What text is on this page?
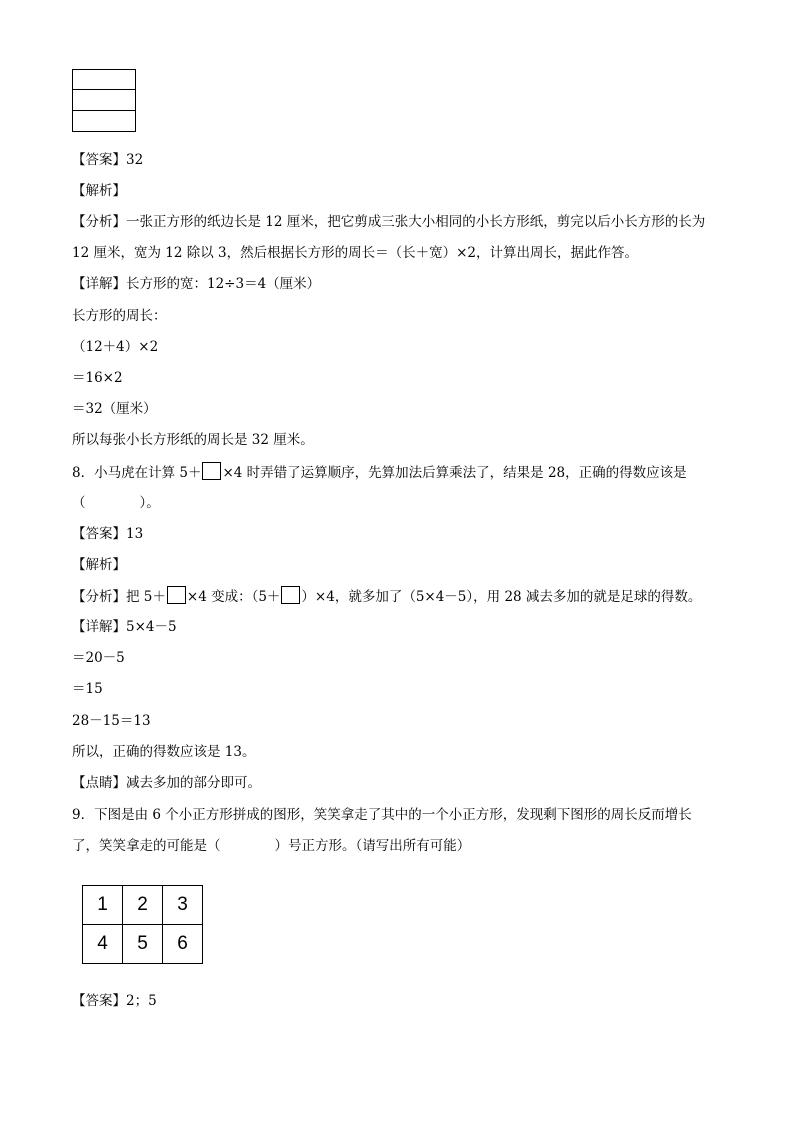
【答案】32
【解析】
【分析】一张正方形的纸边长是 12 厘米，把它剪成三张大小相同的小长方形纸，剪完以后小长方形的长为
12 厘米，宽为 12 除以 3，然后根据长方形的周长＝（长＋宽）×2，计算出周长，据此作答。
【详解】长方形的宽：12÷3＝4（厘米）
长方形的周长：
（12＋4）×2
＝16×2
＝32（厘米）
所以每张小长方形纸的周长是 32 厘米。
8．小马虎在计算 5＋ ×4 时弄错了运算顺序，先算加法后算乘法了，结果是 28，正确的得数应该是
（　　　　）。
【答案】13
【解析】
【分析】把 5＋ ×4 变成：（5＋ ）×4，就多加了（5×4－5），用 28 减去多加的就是足球的得数。
【详解】5×4－5
＝20－5
＝15
28－15＝13
所以，正确的得数应该是 13。
【点睛】减去多加的部分即可。
9．下图是由 6 个小正方形拼成的图形，笑笑拿走了其中的一个小正方形，发现剩下图形的周长反而增长
了，笑笑拿走的可能是（　　　　）号正方形。（请写出所有可能）
1	2	3
4	5	6
【答案】2；5
